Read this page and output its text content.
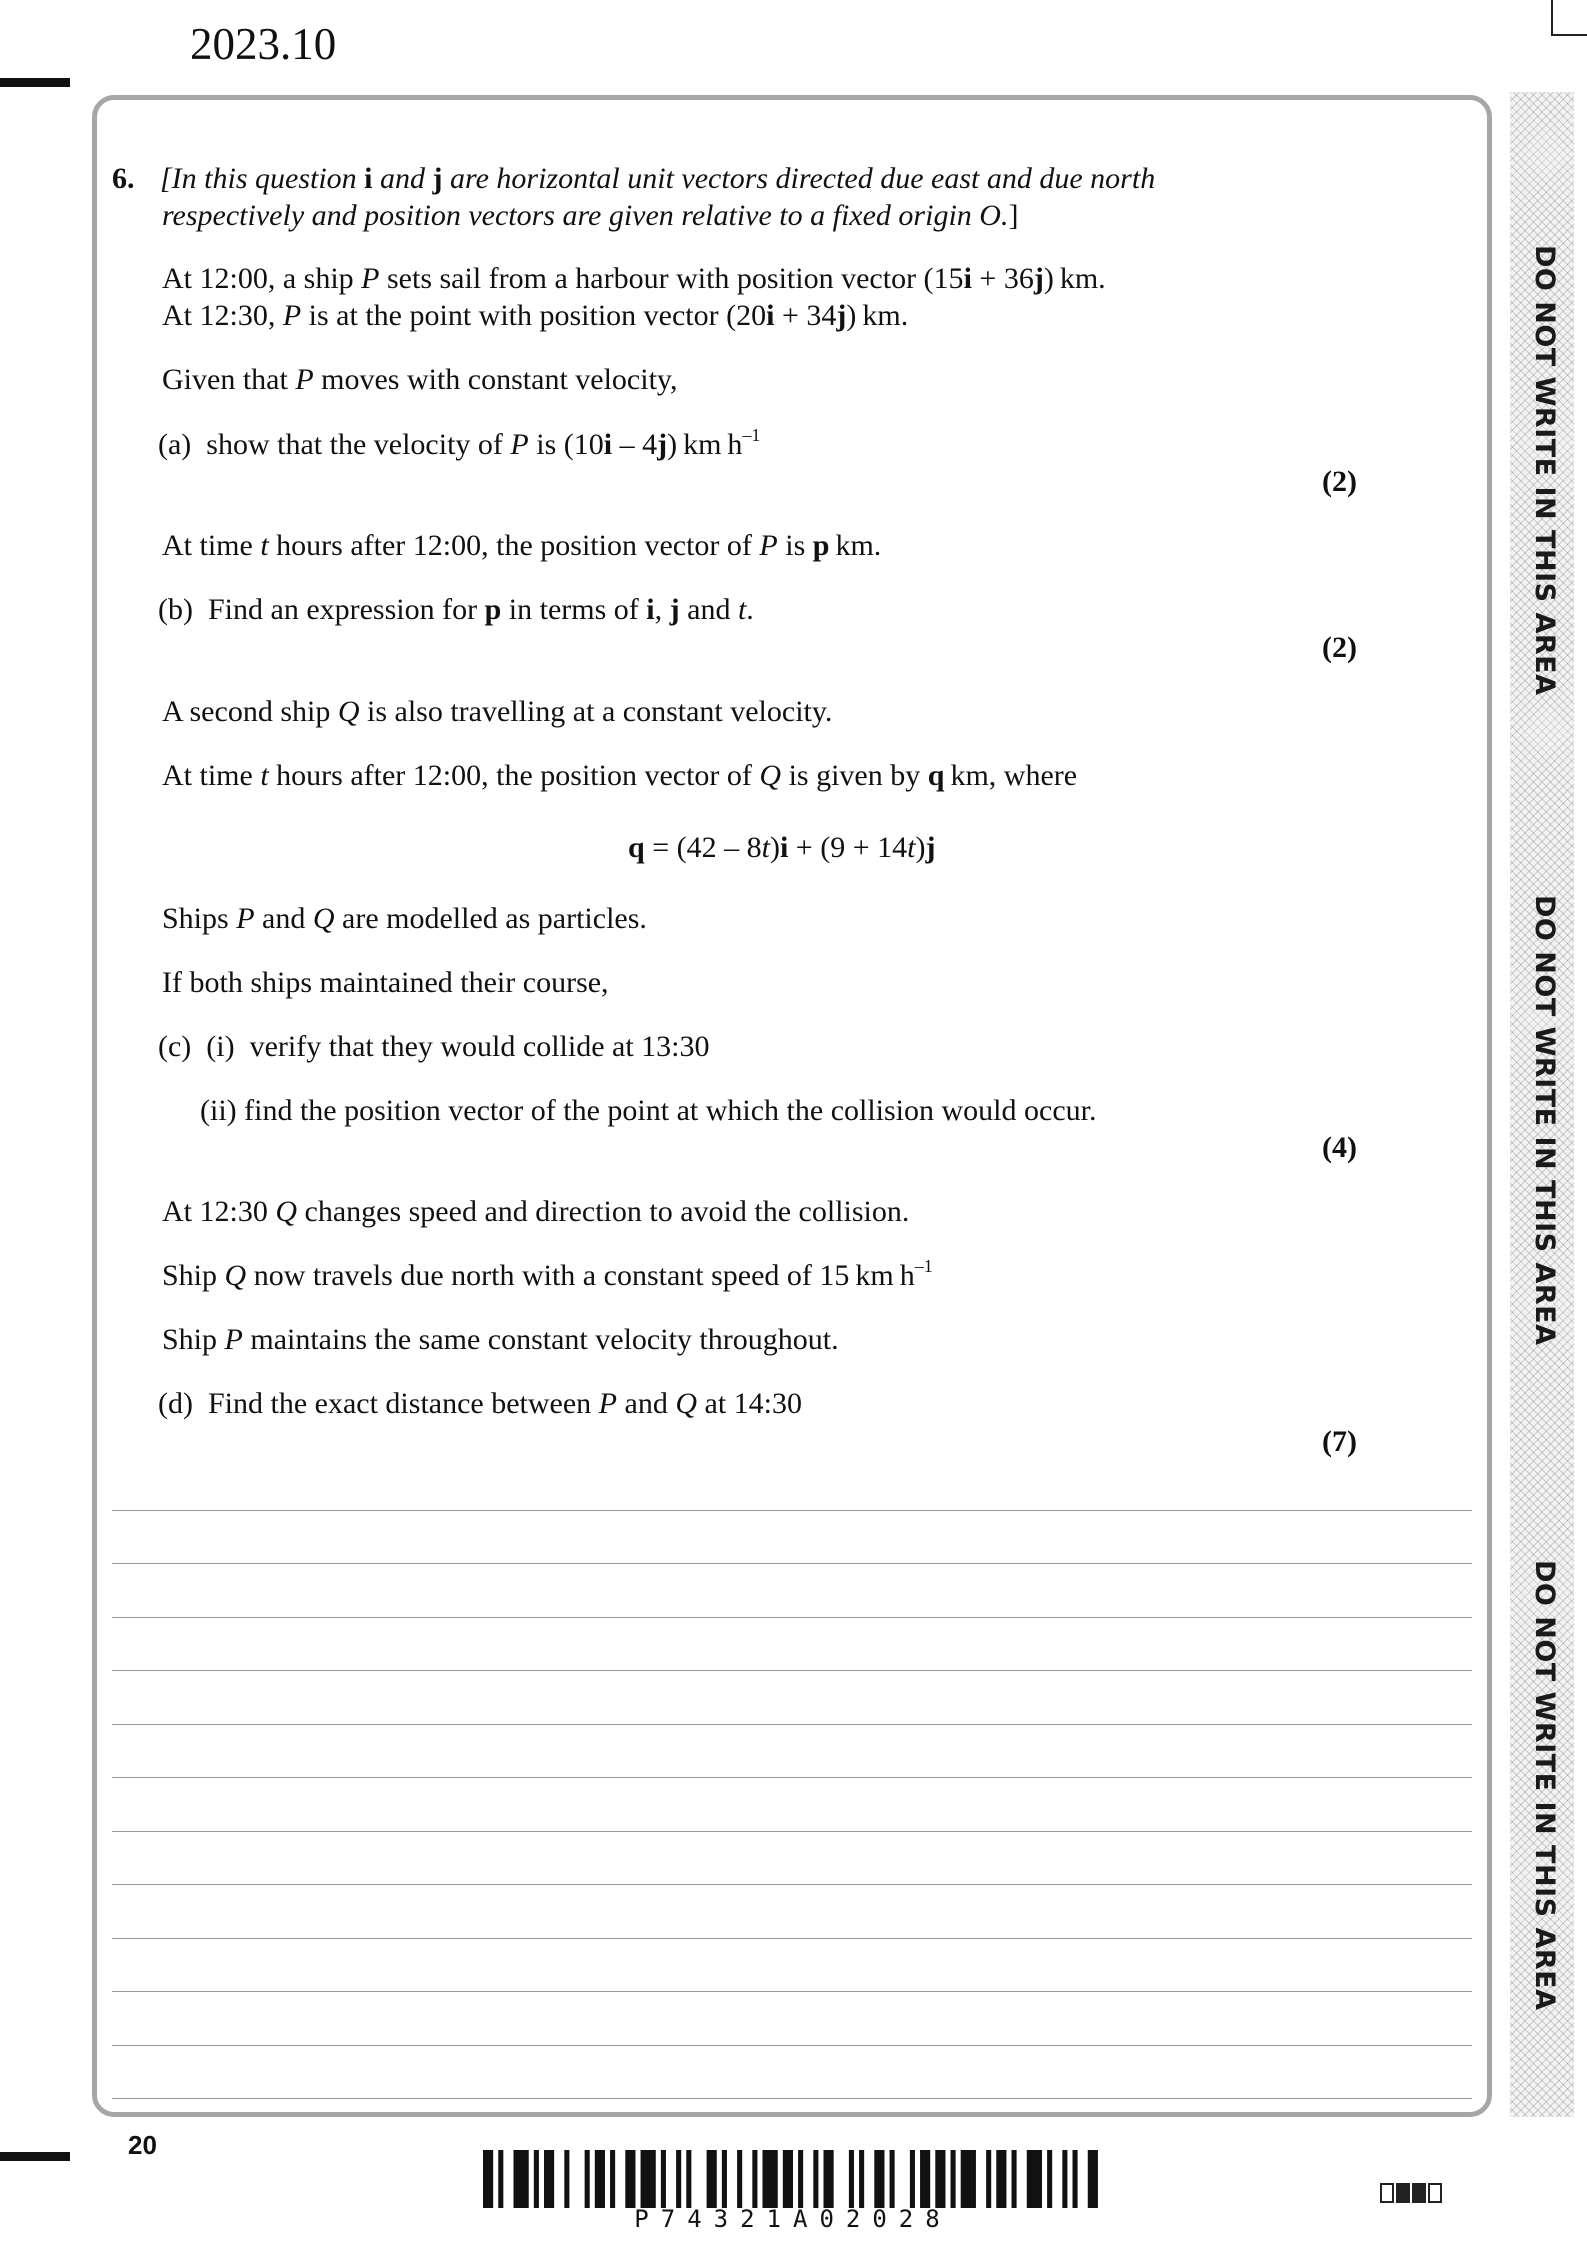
2023.10
6. [In this question i and j are horizontal unit vectors directed due east and due north
respectively and position vectors are given relative to a fixed origin O.]
At 12:00, a ship P sets sail from a harbour with position vector (15i + 36j) km.
At 12:30, P is at the point with position vector (20i + 34j) km.
Given that P moves with constant velocity,
(a)  show that the velocity of P is (10i – 4j) km $h^{-1}$
(2)
At time t hours after 12:00, the position vector of P is p km.
(b)  Find an expression for p in terms of i, j and t.
(2)
A second ship Q is also travelling at a constant velocity.
At time t hours after 12:00, the position vector of Q is given by q km, where
q = (42 – 8t)i + (9 + 14t)j
Ships P and Q are modelled as particles.
If both ships maintained their course,
(c)  (i)  verify that they would collide at 13:30
(ii) find the position vector of the point at which the collision would occur.
(4)
At 12:30 Q changes speed and direction to avoid the collision.
Ship Q now travels due north with a constant speed of 15 km $h^{-1}$
Ship P maintains the same constant velocity throughout.
(d)  Find the exact distance between P and Q at 14:30
(7)
DO NOT WRITE IN THIS AREA
DO NOT WRITE IN THIS AREA
DO NOT WRITE IN THIS AREA
20
P74321A02028
